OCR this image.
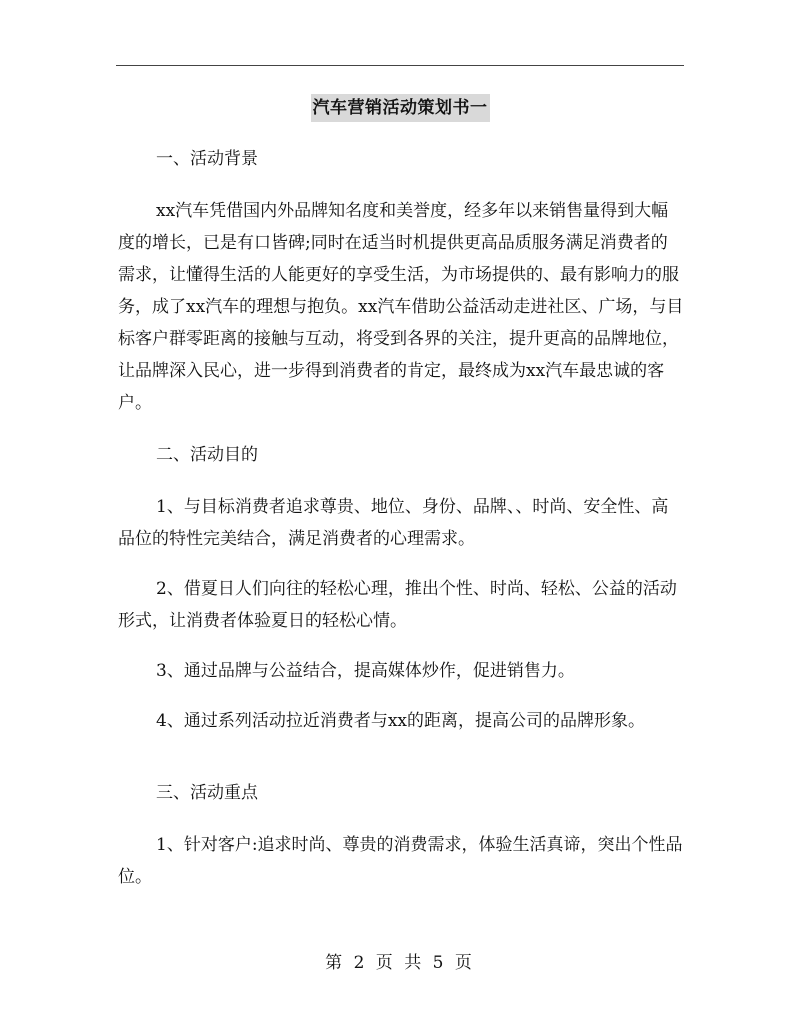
汽车营销活动策划书一

一、活动背景

xx汽车凭借国内外品牌知名度和美誉度，经多年以来销售量得到大幅度的增长，已是有口皆碑;同时在适当时机提供更高品质服务满足消费者的需求，让懂得生活的人能更好的享受生活，为市场提供的、最有影响力的服务，成了xx汽车的理想与抱负。xx汽车借助公益活动走进社区、广场，与目标客户群零距离的接触与互动，将受到各界的关注，提升更高的品牌地位，让品牌深入民心，进一步得到消费者的肯定，最终成为xx汽车最忠诚的客户。

二、活动目的

1、与目标消费者追求尊贵、地位、身份、品牌、、时尚、安全性、高品位的特性完美结合，满足消费者的心理需求。

2、借夏日人们向往的轻松心理，推出个性、时尚、轻松、公益的活动形式，让消费者体验夏日的轻松心情。

3、通过品牌与公益结合，提高媒体炒作，促进销售力。

4、通过系列活动拉近消费者与xx的距离，提高公司的品牌形象。

三、活动重点

1、针对客户:追求时尚、尊贵的消费需求，体验生活真谛，突出个性品位。

第 2 页 共 5 页
